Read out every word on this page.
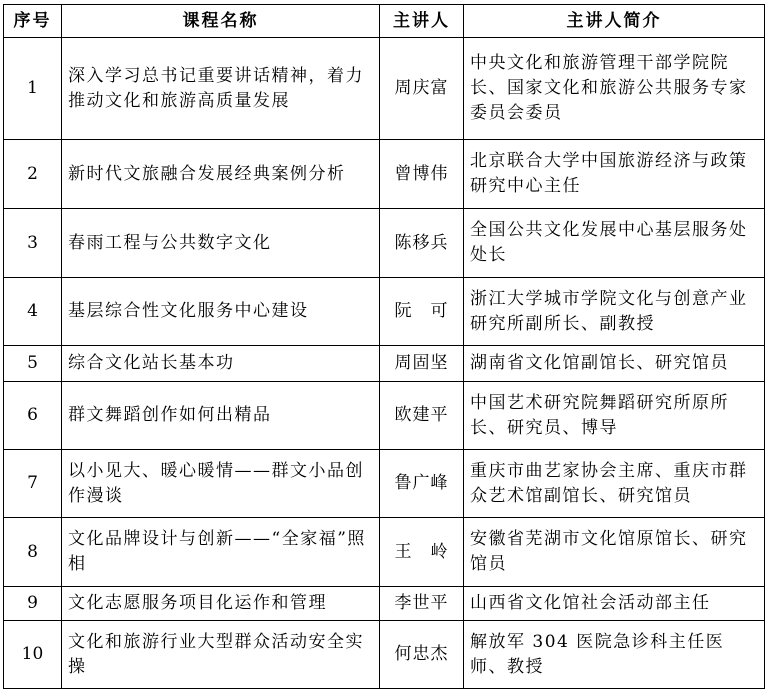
序号	课程名称	主讲人	主讲人简介
1	深入学习总书记重要讲话精神，着力推动文化和旅游高质量发展	周庆富	中央文化和旅游管理干部学院院长、国家文化和旅游公共服务专家委员会委员
2	新时代文旅融合发展经典案例分析	曾博伟	北京联合大学中国旅游经济与政策研究中心主任
3	春雨工程与公共数字文化	陈移兵	全国公共文化发展中心基层服务处处长
4	基层综合性文化服务中心建设	阮　可	浙江大学城市学院文化与创意产业研究所副所长、副教授
5	综合文化站长基本功	周固坚	湖南省文化馆副馆长、研究馆员
6	群文舞蹈创作如何出精品	欧建平	中国艺术研究院舞蹈研究所原所长、研究员、博导
7	以小见大、暖心暖情——群文小品创作漫谈	鲁广峰	重庆市曲艺家协会主席、重庆市群众艺术馆副馆长、研究馆员
8	文化品牌设计与创新——“全家福”照相	王　岭	安徽省芜湖市文化馆原馆长、研究馆员
9	文化志愿服务项目化运作和管理	李世平	山西省文化馆社会活动部主任
10	文化和旅游行业大型群众活动安全实操	何忠杰	解放军 304 医院急诊科主任医师、教授
